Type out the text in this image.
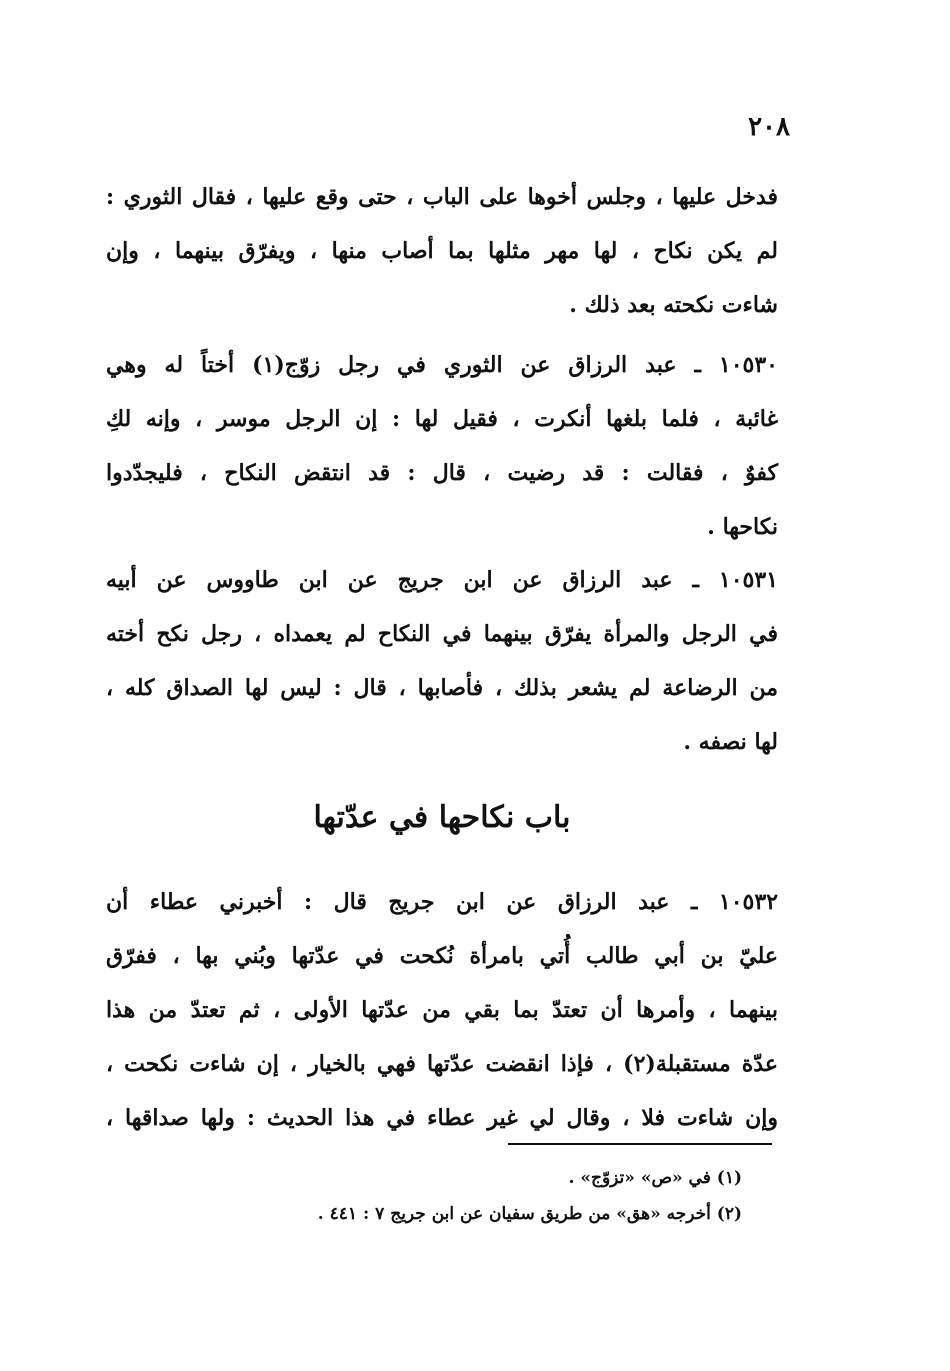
٢٠٨
فدخل عليها ، وجلس أخوها على الباب ، حتى وقع عليها ، فقال الثوري :
لم يكن نكاح ، لها مهر مثلها بما أصاب منها ، ويفرّق بينهما ، وإن
شاءت نكحته بعد ذلك .
١٠٥٣٠ ـ عبد الرزاق عن الثوري في رجل زوّج(١) أختاً له وهي
غائبة ، فلما بلغها أنكرت ، فقيل لها : إن الرجل موسر ، وإنه لكِ
كفوٌ ، فقالت : قد رضيت ، قال : قد انتقض النكاح ، فليجدّدوا
نكاحها .
١٠٥٣١ ـ عبد الرزاق عن ابن جريج عن ابن طاووس عن أبيه
في الرجل والمرأة يفرّق بينهما في النكاح لم يعمداه ، رجل نكح أخته
من الرضاعة لم يشعر بذلك ، فأصابها ، قال : ليس لها الصداق كله ،
لها نصفه .
باب نكاحها في عدّتها
١٠٥٣٢ ـ عبد الرزاق عن ابن جريج قال : أخبرني عطاء أن
عليّ بن أبي طالب أُتي بامرأة نُكحت في عدّتها وبُني بها ، ففرّق
بينهما ، وأمرها أن تعتدّ بما بقي من عدّتها الأولى ، ثم تعتدّ من هذا
عدّة مستقبلة(٢) ، فإذا انقضت عدّتها فهي بالخيار ، إن شاءت نكحت ،
وإن شاءت فلا ، وقال لي غير عطاء في هذا الحديث : ولها صداقها ،
(١) في «ص» «تزوّج» .
(٢) أخرجه «هق» من طريق سفيان عن ابن جريج ٧ : ٤٤١ .
